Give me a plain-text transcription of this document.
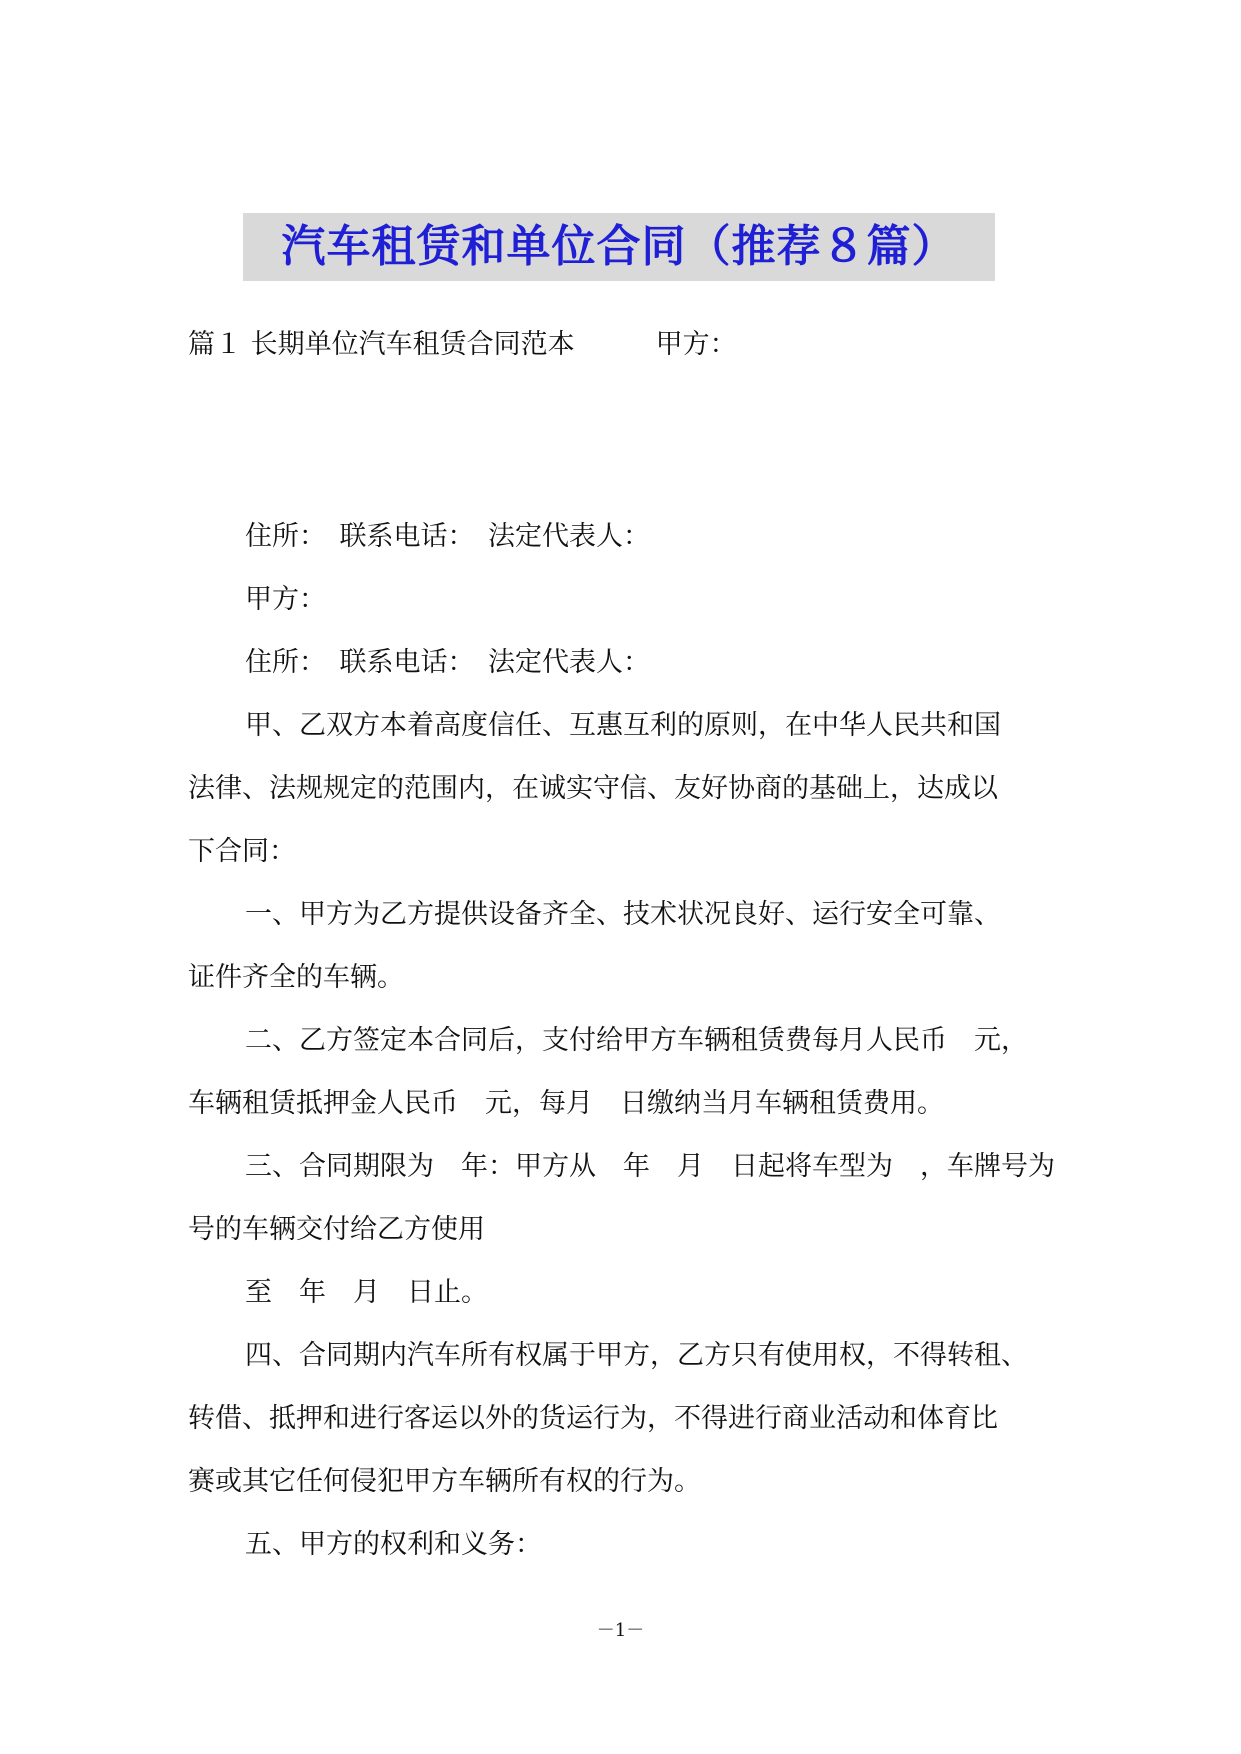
汽车租赁和单位合同（推荐８篇）
篇１ 长期单位汽车租赁合同范本　　　甲方：
住所：　联系电话：　法定代表人：
甲方：
住所：　联系电话：　法定代表人：
甲、乙双方本着高度信任、互惠互利的原则，在中华人民共和国
法律、法规规定的范围内，在诚实守信、友好协商的基础上，达成以
下合同：
一、甲方为乙方提供设备齐全、技术状况良好、运行安全可靠、
证件齐全的车辆。
二、乙方签定本合同后，支付给甲方车辆租赁费每月人民币　元，
车辆租赁抵押金人民币　元，每月　日缴纳当月车辆租赁费用。
三、合同期限为　年：甲方从　年　月　日起将车型为　，车牌号为
号的车辆交付给乙方使用
至　年　月　日止。
四、合同期内汽车所有权属于甲方，乙方只有使用权，不得转租、
转借、抵押和进行客运以外的货运行为，不得进行商业活动和体育比
赛或其它任何侵犯甲方车辆所有权的行为。
五、甲方的权利和义务：
－1－
